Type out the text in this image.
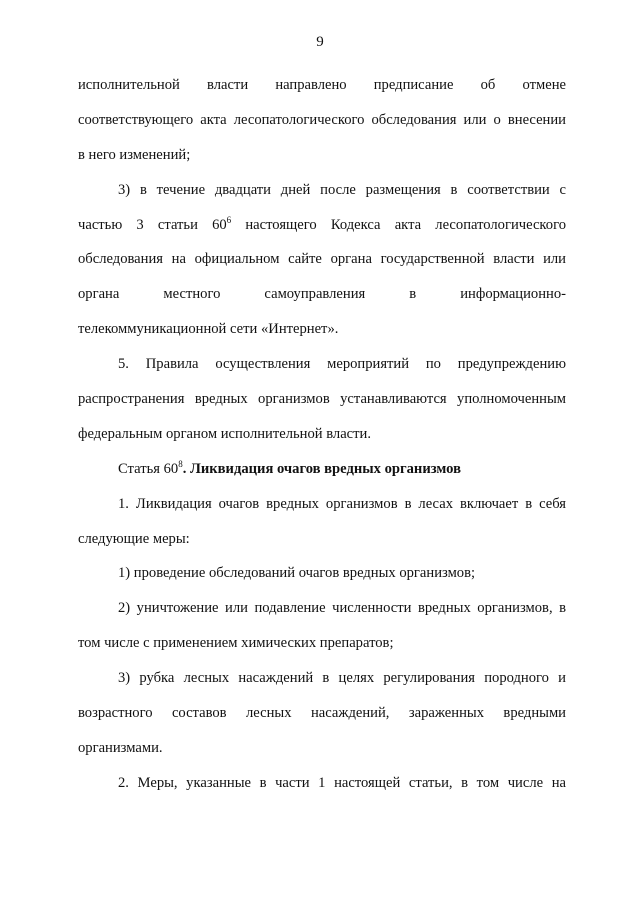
9
исполнительной власти направлено предписание об отмене
соответствующего акта лесопатологического обследования или о внесении
в него изменений;
3) в течение двадцати дней после размещения в соответствии с
частью 3 статьи $60^6$ настоящего Кодекса акта лесопатологического
обследования на официальном сайте органа государственной власти или
органа местного самоуправления в информационно-
телекоммуникационной сети «Интернет».
5. Правила осуществления мероприятий по предупреждению
распространения вредных организмов устанавливаются уполномоченным
федеральным органом исполнительной власти.
Статья $60^8$. Ликвидация очагов вредных организмов
1. Ликвидация очагов вредных организмов в лесах включает в себя
следующие меры:
1) проведение обследований очагов вредных организмов;
2) уничтожение или подавление численности вредных организмов, в
том числе с применением химических препаратов;
3) рубка лесных насаждений в целях регулирования породного и
возрастного составов лесных насаждений, зараженных вредными
организмами.
2. Меры, указанные в части 1 настоящей статьи, в том числе на
